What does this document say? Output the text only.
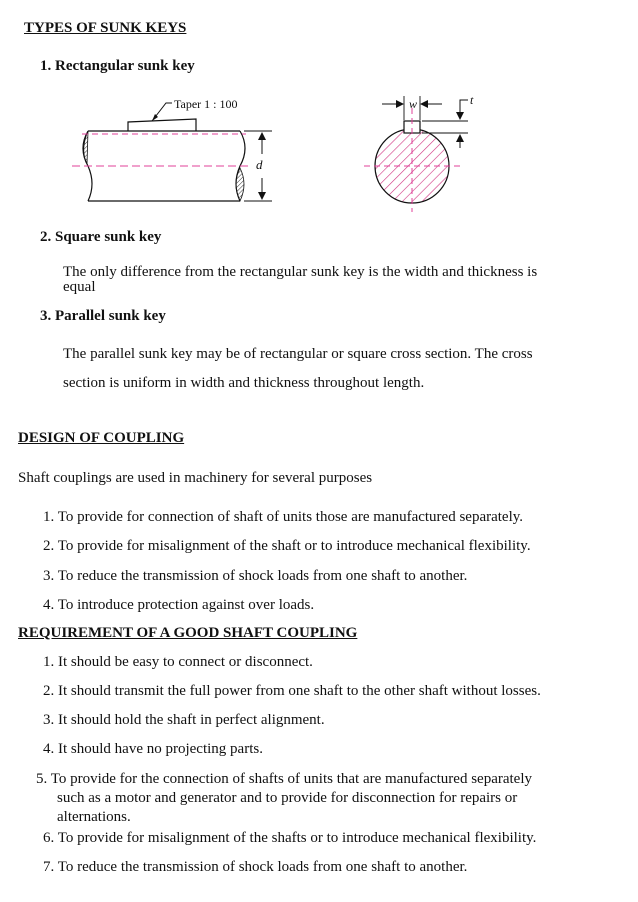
TYPES OF SUNK KEYS
1. Rectangular sunk key
Taper 1 : 100
d
w	t
2. Square sunk key
The only difference from the rectangular sunk key is the width and thickness is
equal
3. Parallel sunk key
The parallel sunk key may be of rectangular or square cross section. The cross
section is uniform in width and thickness throughout length.
DESIGN OF COUPLING
Shaft couplings are used in machinery for several purposes
1. To provide for connection of shaft of units those are manufactured separately.
2. To provide for misalignment of the shaft or to introduce mechanical flexibility.
3. To reduce the transmission of shock loads from one shaft to another.
4. To introduce protection against over loads.
REQUIREMENT OF A GOOD SHAFT COUPLING
1. It should be easy to connect or disconnect.
2. It should transmit the full power from one shaft to the other shaft without losses.
3. It should hold the shaft in perfect alignment.
4. It should have no projecting parts.
5. To provide for the connection of shafts of units that are manufactured separately
such as a motor and generator and to provide for disconnection for repairs or
alternations.
6. To provide for misalignment of the shafts or to introduce mechanical flexibility.
7. To reduce the transmission of shock loads from one shaft to another.
